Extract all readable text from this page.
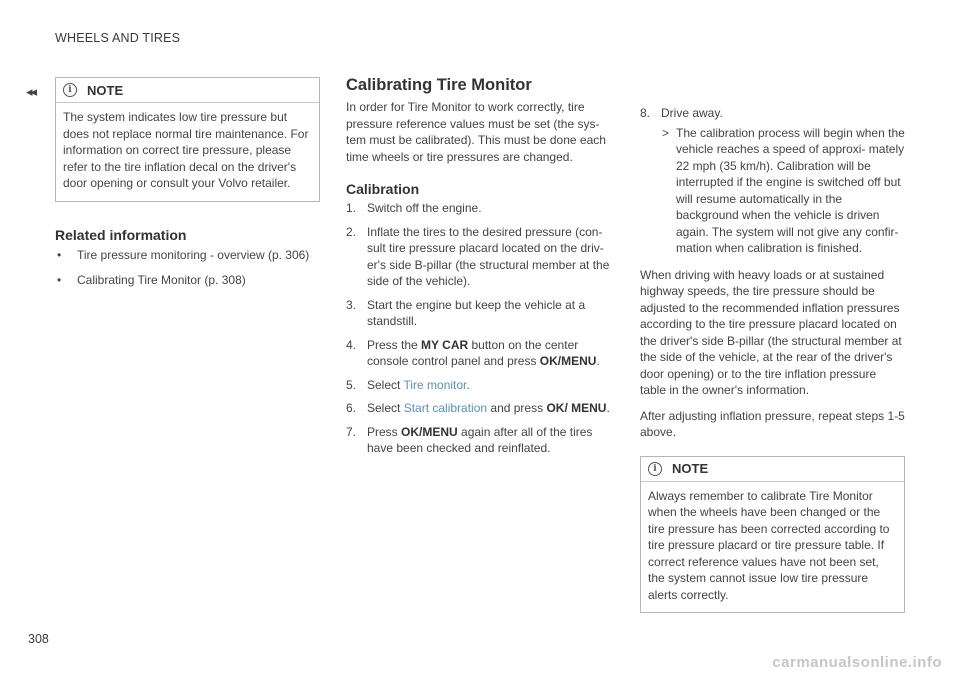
WHEELS AND TIRES
◂◂
308
carmanualsonline.info
i	NOTE
The system indicates low tire pressure but does not replace normal tire maintenance. For information on correct tire pressure, please refer to the tire inflation decal on the driver's door opening or consult your Volvo retailer.
Related information
• Tire pressure monitoring - overview (p. 306)
• Calibrating Tire Monitor (p. 308)
Calibrating Tire Monitor
In order for Tire Monitor to work correctly, tire pressure reference values must be set (the sys- tem must be calibrated). This must be done each time wheels or tire pressures are changed.
Calibration
1. Switch off the engine.
2. Inflate the tires to the desired pressure (con- sult tire pressure placard located on the driv- er's side B-pillar (the structural member at the side of the vehicle).
3. Start the engine but keep the vehicle at a standstill.
4. Press the MY CAR button on the center console control panel and press OK/MENU.
5. Select Tire monitor.
6. Select Start calibration and press OK/ MENU.
7. Press OK/MENU again after all of the tires have been checked and reinflated.
8. Drive away.
> The calibration process will begin when the vehicle reaches a speed of approxi- mately 22 mph (35 km/h). Calibration will be interrupted if the engine is switched off but will resume automatically in the background when the vehicle is driven again. The system will not give any confir- mation when calibration is finished.
When driving with heavy loads or at sustained highway speeds, the tire pressure should be adjusted to the recommended inflation pressures according to the tire pressure placard located on the driver's side B-pillar (the structural member at the side of the vehicle, at the rear of the driver's door opening) or to the tire inflation pressure table in the owner's information.
After adjusting inflation pressure, repeat steps 1-5 above.
i	NOTE
Always remember to calibrate Tire Monitor when the wheels have been changed or the tire pressure has been corrected according to tire pressure placard or tire pressure table. If correct reference values have not been set, the system cannot issue low tire pressure alerts correctly.
